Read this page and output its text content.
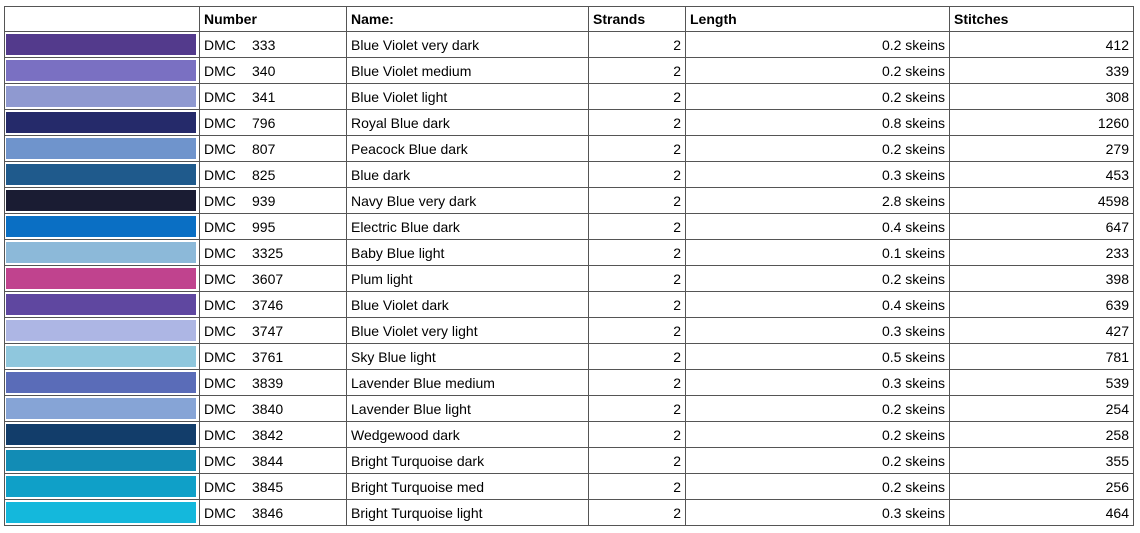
	Number	Name:	Strands	Length	Stitches

	DMC 333	Blue Violet very dark	2	0.2 skeins	412

	DMC 340	Blue Violet medium	2	0.2 skeins	339

	DMC 341	Blue Violet light	2	0.2 skeins	308

	DMC 796	Royal Blue dark	2	0.8 skeins	1260

	DMC 807	Peacock Blue dark	2	0.2 skeins	279

	DMC 825	Blue dark	2	0.3 skeins	453

	DMC 939	Navy Blue very dark	2	2.8 skeins	4598

	DMC 995	Electric Blue dark	2	0.4 skeins	647

	DMC 3325	Baby Blue light	2	0.1 skeins	233

	DMC 3607	Plum light	2	0.2 skeins	398

	DMC 3746	Blue Violet dark	2	0.4 skeins	639

	DMC 3747	Blue Violet very light	2	0.3 skeins	427

	DMC 3761	Sky Blue light	2	0.5 skeins	781

	DMC 3839	Lavender Blue medium	2	0.3 skeins	539

	DMC 3840	Lavender Blue light	2	0.2 skeins	254

	DMC 3842	Wedgewood dark	2	0.2 skeins	258

	DMC 3844	Bright Turquoise dark	2	0.2 skeins	355

	DMC 3845	Bright Turquoise med	2	0.2 skeins	256

	DMC 3846	Bright Turquoise light	2	0.3 skeins	464
